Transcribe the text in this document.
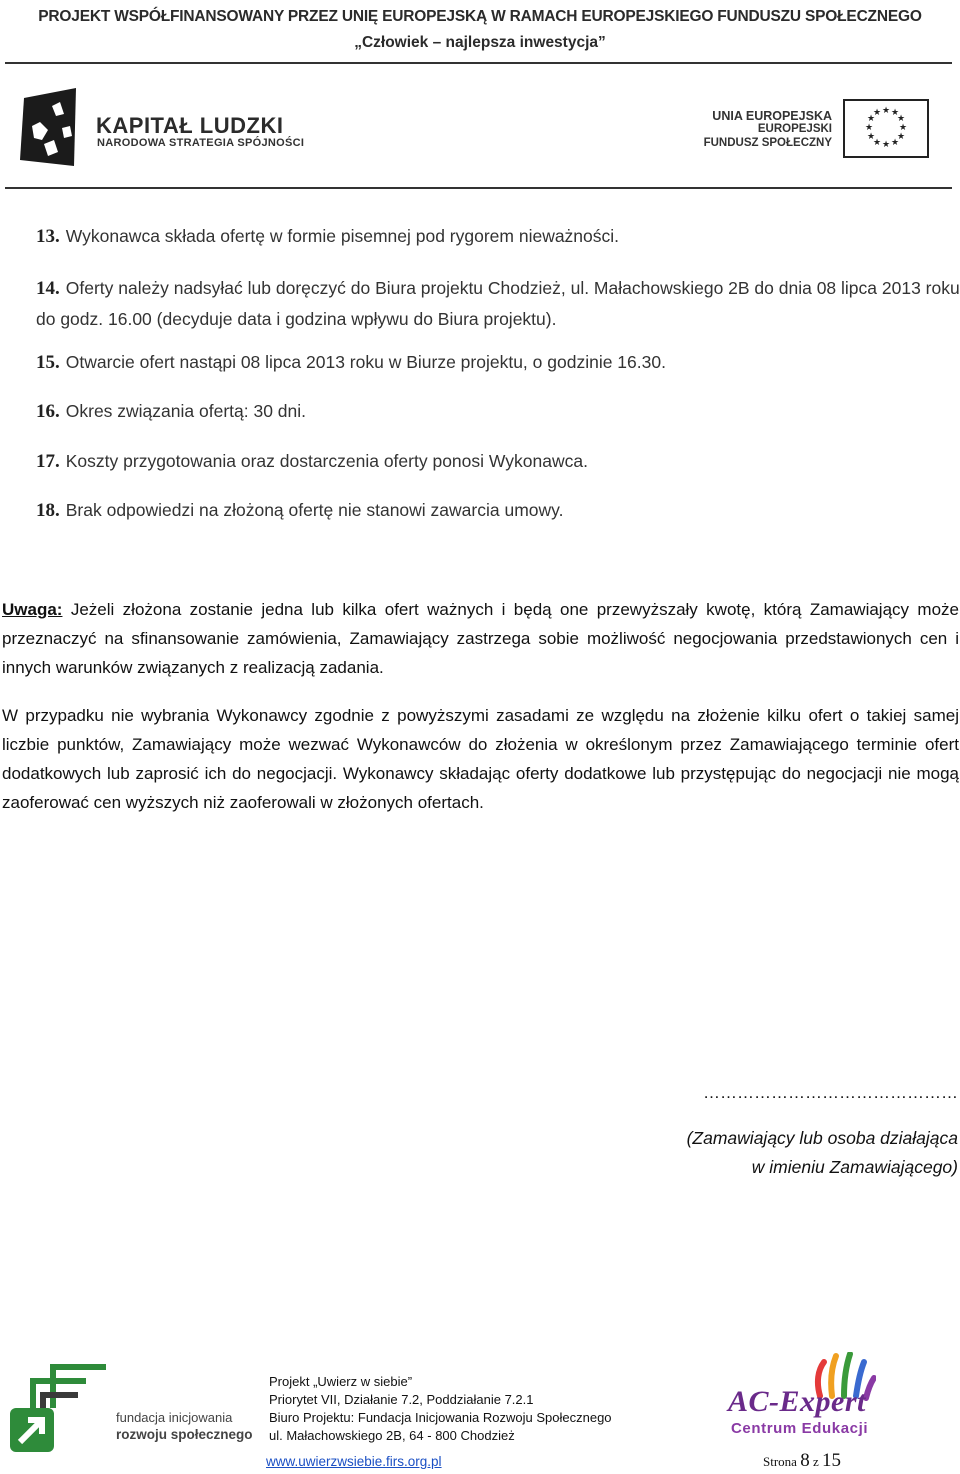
PROJEKT WSPÓŁFINANSOWANY PRZEZ UNIĘ EUROPEJSKĄ W RAMACH EUROPEJSKIEGO FUNDUSZU SPOŁECZNEGO
„Człowiek – najlepsza inwestycja”
KAPITAŁ LUDZKI
NARODOWA STRATEGIA SPÓJNOŚCI
UNIA EUROPEJSKA
EUROPEJSKI
FUNDUSZ SPOŁECZNY
★ ★
★
★
★
★
★
★
★
★
★
★
13. Wykonawca składa ofertę w formie pisemnej pod rygorem nieważności.
14. Oferty należy nadsyłać lub doręczyć do Biura projektu Chodzież, ul. Małachowskiego 2B do dnia 08 lipca 2013 roku do godz. 16.00 (decyduje data i godzina wpływu do Biura projektu).
15. Otwarcie ofert nastąpi 08 lipca 2013 roku w Biurze projektu, o godzinie 16.30.
16. Okres związania ofertą: 30 dni.
17. Koszty przygotowania oraz dostarczenia oferty ponosi Wykonawca.
18. Brak odpowiedzi na złożoną ofertę nie stanowi zawarcia umowy.
Uwaga: Jeżeli złożona zostanie jedna lub kilka ofert ważnych i będą one przewyższały kwotę, którą Zamawiający może przeznaczyć na sfinansowanie zamówienia, Zamawiający zastrzega sobie możliwość negocjowania przedstawionych cen i innych warunków związanych z realizacją zadania.
W przypadku nie wybrania Wykonawcy zgodnie z powyższymi zasadami ze względu na złożenie kilku ofert o takiej samej liczbie punktów, Zamawiający może wezwać Wykonawców do złożenia w określonym przez Zamawiającego terminie ofert dodatkowych lub zaprosić ich do negocjacji. Wykonawcy składając oferty dodatkowe lub przystępując do negocjacji nie mogą zaoferować cen wyższych niż zaoferowali w złożonych ofertach.
………………………………………
(Zamawiający lub osoba działająca
w imieniu Zamawiającego)
fundacja inicjowania
rozwoju społecznego
Projekt „Uwierz w siebie”
Priorytet VII, Działanie 7.2, Poddziałanie 7.2.1
Biuro Projektu: Fundacja Inicjowania Rozwoju Społecznego
ul. Małachowskiego 2B, 64 - 800 Chodzież
www.uwierzwsiebie.firs.org.pl
AC-Expert
Centrum Edukacji
Strona 8 z 15
